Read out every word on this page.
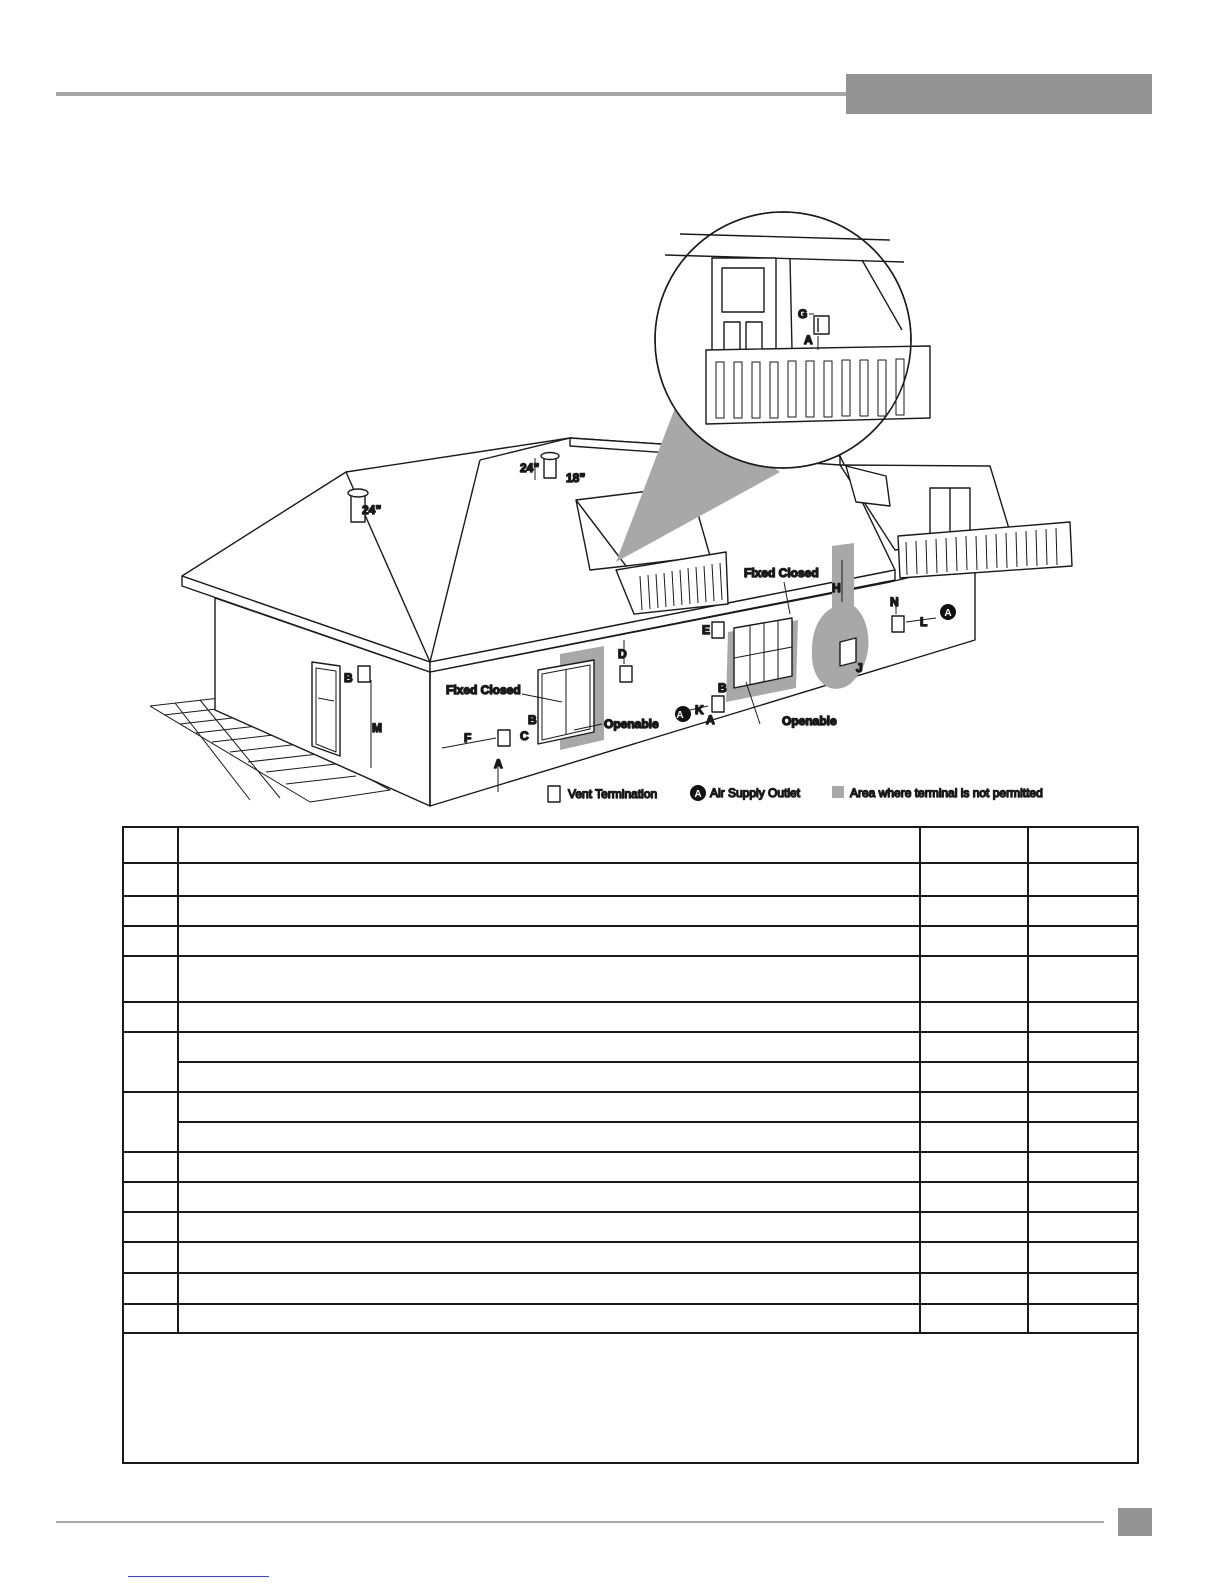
24”
24”
18”
B
M
F
B
C
A
D
E
B
K
A
H
J
N
L
G
A
A
A
Fixed Closed
Openable
Fixed Closed
Openable
Vent Termination	A Air Supply Outlet	Area where terminal is not permitted
